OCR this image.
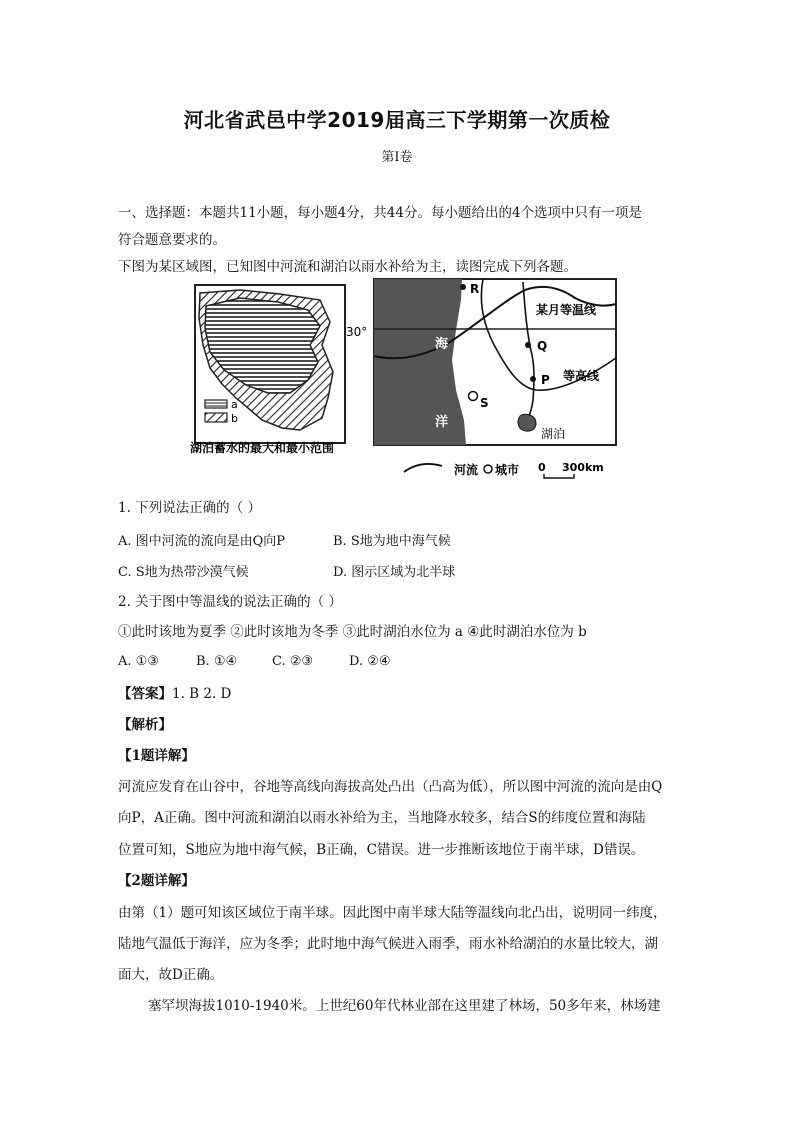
河北省武邑中学2019届高三下学期第一次质检
第I卷
一、选择题：本题共11小题，每小题4分，共44分。每小题给出的4个选项中只有一项是
符合题意要求的。
下图为某区域图，已知图中河流和湖泊以雨水补给为主，读图完成下列各题。
a
b
湖泊蓄水的最大和最小范围
30°
R
某月等温线
海
洋
Q
P 等高线
S
湖泊
河流 城市 0 300km
1. 下列说法正确的（ ）
A. 图中河流的流向是由Q向P	B. S地为地中海气候
C. S地为热带沙漠气候	D. 图示区域为北半球
2. 关于图中等温线的说法正确的（ ）
①此时该地为夏季 ②此时该地为冬季 ③此时湖泊水位为 a ④此时湖泊水位为 b
A. ①③	B. ①④	C. ②③	D. ②④
【答案】1. B 2. D
【解析】
【1题详解】
河流应发育在山谷中，谷地等高线向海拔高处凸出（凸高为低），所以图中河流的流向是由Q
向P，A正确。图中河流和湖泊以雨水补给为主，当地降水较多，结合S的纬度位置和海陆
位置可知，S地应为地中海气候，B正确，C错误。进一步推断该地位于南半球，D错误。
【2题详解】
由第（1）题可知该区域位于南半球。因此图中南半球大陆等温线向北凸出，说明同一纬度，
陆地气温低于海洋，应为冬季；此时地中海气候进入雨季，雨水补给湖泊的水量比较大，湖
面大，故D正确。
塞罕坝海拔1010-1940米。上世纪60年代林业部在这里建了林场，50多年来，林场建
